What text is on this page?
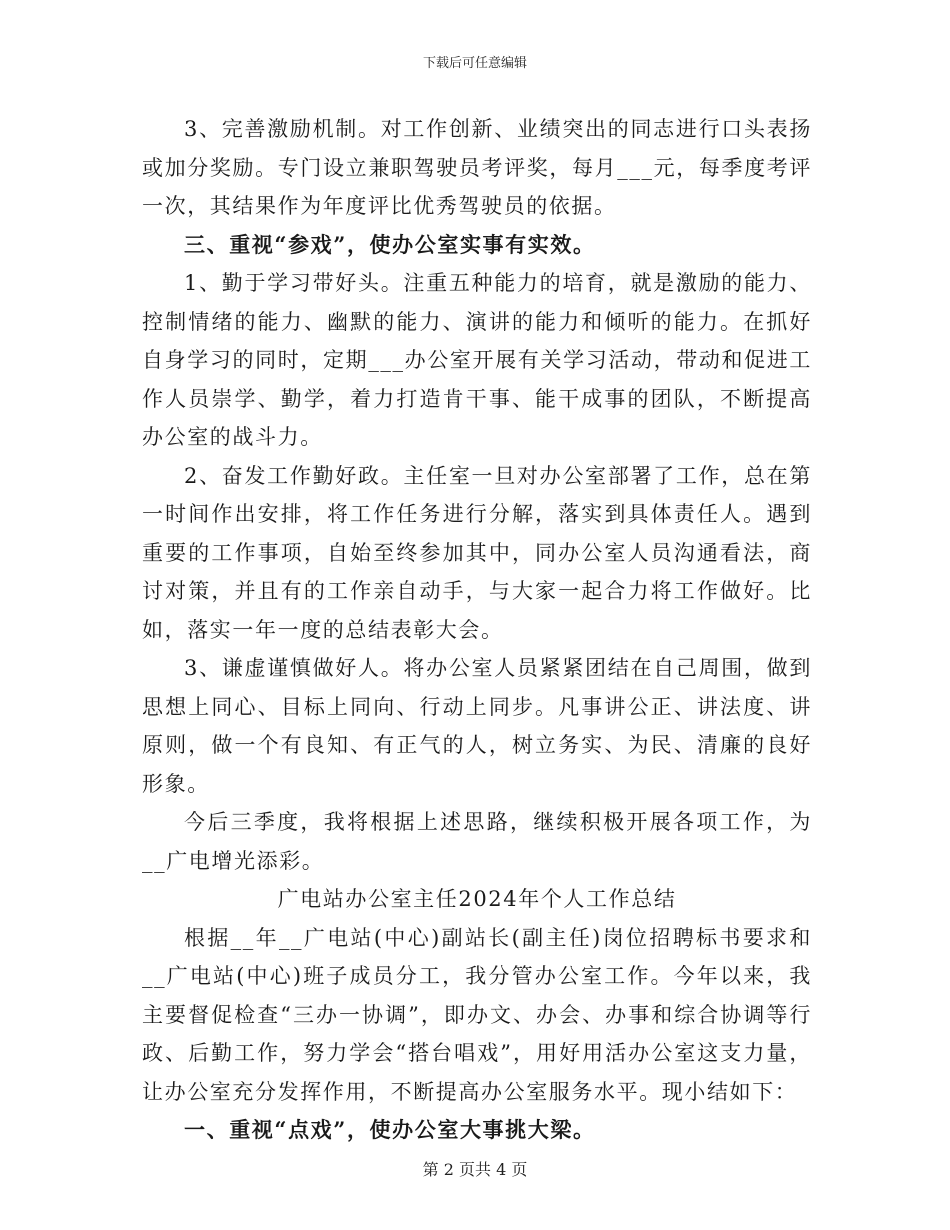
下载后可任意编辑

3、完善激励机制。对工作创新、业绩突出的同志进行口头表扬或加分奖励。专门设立兼职驾驶员考评奖，每月___元，每季度考评一次，其结果作为年度评比优秀驾驶员的依据。

三、重视“参戏”，使办公室实事有实效。

1、勤于学习带好头。注重五种能力的培育，就是激励的能力、控制情绪的能力、幽默的能力、演讲的能力和倾听的能力。在抓好自身学习的同时，定期___办公室开展有关学习活动，带动和促进工作人员崇学、勤学，着力打造肯干事、能干成事的团队，不断提高办公室的战斗力。

2、奋发工作勤好政。主任室一旦对办公室部署了工作，总在第一时间作出安排，将工作任务进行分解，落实到具体责任人。遇到重要的工作事项，自始至终参加其中，同办公室人员沟通看法，商讨对策，并且有的工作亲自动手，与大家一起合力将工作做好。比如，落实一年一度的总结表彰大会。

3、谦虚谨慎做好人。将办公室人员紧紧团结在自己周围，做到思想上同心、目标上同向、行动上同步。凡事讲公正、讲法度、讲原则，做一个有良知、有正气的人，树立务实、为民、清廉的良好形象。

今后三季度，我将根据上述思路，继续积极开展各项工作，为__广电增光添彩。

广电站办公室主任2024年个人工作总结

根据__年__广电站(中心)副站长(副主任)岗位招聘标书要求和__广电站(中心)班子成员分工，我分管办公室工作。今年以来，我主要督促检查“三办一协调”，即办文、办会、办事和综合协调等行政、后勤工作，努力学会“搭台唱戏”，用好用活办公室这支力量，让办公室充分发挥作用，不断提高办公室服务水平。现小结如下：

一、重视“点戏”，使办公室大事挑大梁。

第 2 页共 4 页
